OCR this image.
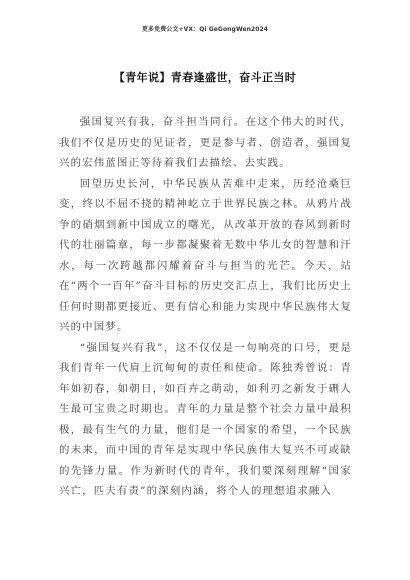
更多免费公文+VX：Qi GeGongWen2024
【青年说】青春逢盛世，奋斗正当时

强国复兴有我，奋斗担当同行。在这个伟大的时代，我们不仅是历史的见证者，更是参与者、创造者，强国复兴的宏伟蓝图正等待着我们去描绘、去实践。

回望历史长河，中华民族从苦难中走来，历经沧桑巨变，终以不屈不挠的精神屹立于世界民族之林。从鸦片战争的硝烟到新中国成立的曙光，从改革开放的春风到新时代的壮丽篇章，每一步都凝聚着无数中华儿女的智慧和汗水，每一次跨越都闪耀着奋斗与担当的光芒。今天，站在“两个一百年”奋斗目标的历史交汇点上，我们比历史上任何时期都更接近、更有信心和能力实现中华民族伟大复兴的中国梦。

“强国复兴有我”，这不仅仅是一句响亮的口号，更是我们青年一代肩上沉甸甸的责任和使命。陈独秀曾说：青年如初春，如朝日，如百卉之萌动，如利刃之新发于硎人生最可宝贵之时期也。青年的力量是整个社会力量中最积极，最有生气的力量，他们是一个国家的希望，一个民族的未来，而中国的青年是实现中华民族伟大复兴不可或缺的先锋力量。作为新时代的青年，我们要深刻理解“国家兴亡，匹夫有责”的深刻内涵，将个人的理想追求融入
